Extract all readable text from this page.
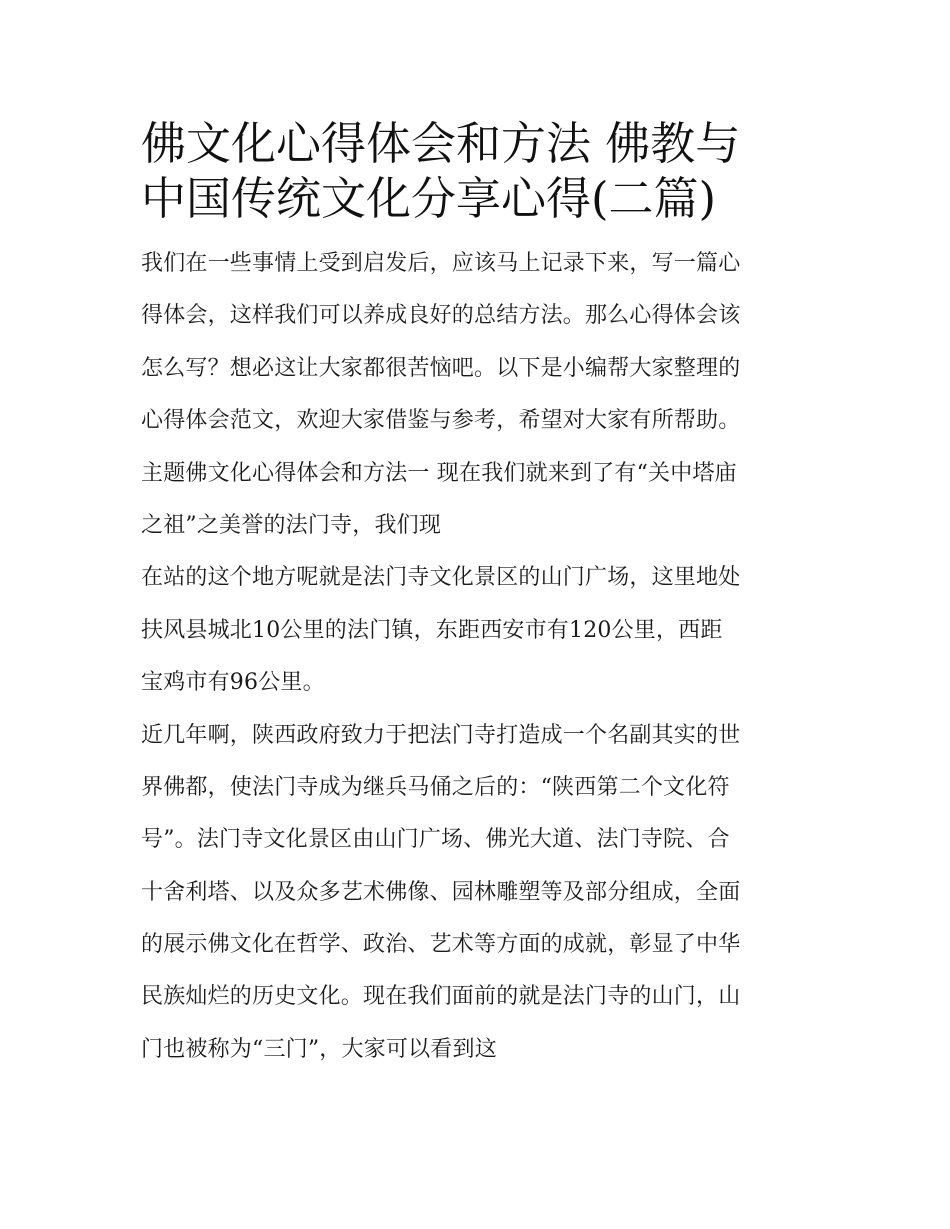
佛文化心得体会和方法 佛教与
中国传统文化分享心得(二篇)
我们在一些事情上受到启发后，应该马上记录下来，写一篇心
得体会，这样我们可以养成良好的总结方法。那么心得体会该
怎么写？想必这让大家都很苦恼吧。以下是小编帮大家整理的
心得体会范文，欢迎大家借鉴与参考，希望对大家有所帮助。
主题佛文化心得体会和方法一 现在我们就来到了有“关中塔庙
之祖”之美誉的法门寺，我们现
在站的这个地方呢就是法门寺文化景区的山门广场，这里地处
扶风县城北10公里的法门镇，东距西安市有120公里，西距
宝鸡市有96公里。
近几年啊，陕西政府致力于把法门寺打造成一个名副其实的世
界佛都，使法门寺成为继兵马俑之后的：“陕西第二个文化符
号”。法门寺文化景区由山门广场、佛光大道、法门寺院、合
十舍利塔、以及众多艺术佛像、园林雕塑等及部分组成，全面
的展示佛文化在哲学、政治、艺术等方面的成就，彰显了中华
民族灿烂的历史文化。现在我们面前的就是法门寺的山门，山
门也被称为“三门”，大家可以看到这
